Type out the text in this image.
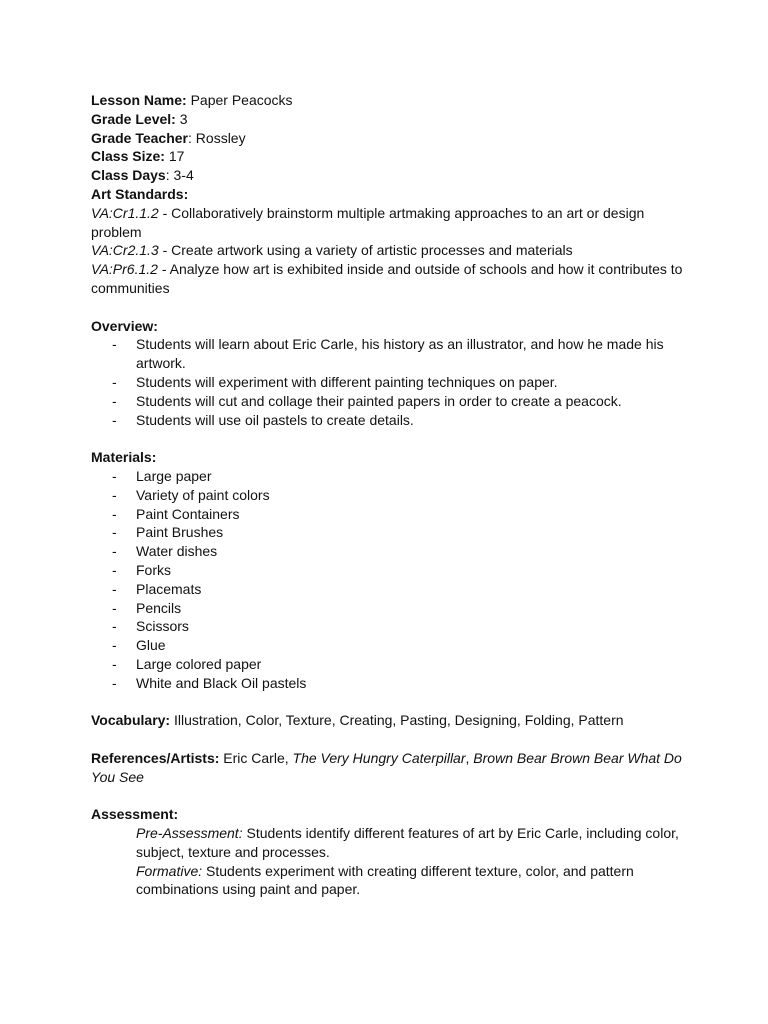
Lesson Name: Paper Peacocks

Grade Level: 3

Grade Teacher: Rossley

Class Size: 17

Class Days: 3-4

Art Standards:

VA:Cr1.1.2 - Collaboratively brainstorm multiple artmaking approaches to an art or design problem

VA:Cr2.1.3 - Create artwork using a variety of artistic processes and materials

VA:Pr6.1.2 - Analyze how art is exhibited inside and outside of schools and how it contributes to communities

Overview:

- Students will learn about Eric Carle, his history as an illustrator, and how he made his artwork.
- Students will experiment with different painting techniques on paper.
- Students will cut and collage their painted papers in order to create a peacock.
- Students will use oil pastels to create details.

Materials:

- Large paper
- Variety of paint colors
- Paint Containers
- Paint Brushes
- Water dishes
- Forks
- Placemats
- Pencils
- Scissors
- Glue
- Large colored paper
- White and Black Oil pastels

Vocabulary: Illustration, Color, Texture, Creating, Pasting, Designing, Folding, Pattern

References/Artists: Eric Carle, The Very Hungry Caterpillar, Brown Bear Brown Bear What Do You See

Assessment:

Pre-Assessment: Students identify different features of art by Eric Carle, including color, subject, texture and processes.

Formative: Students experiment with creating different texture, color, and pattern combinations using paint and paper.
